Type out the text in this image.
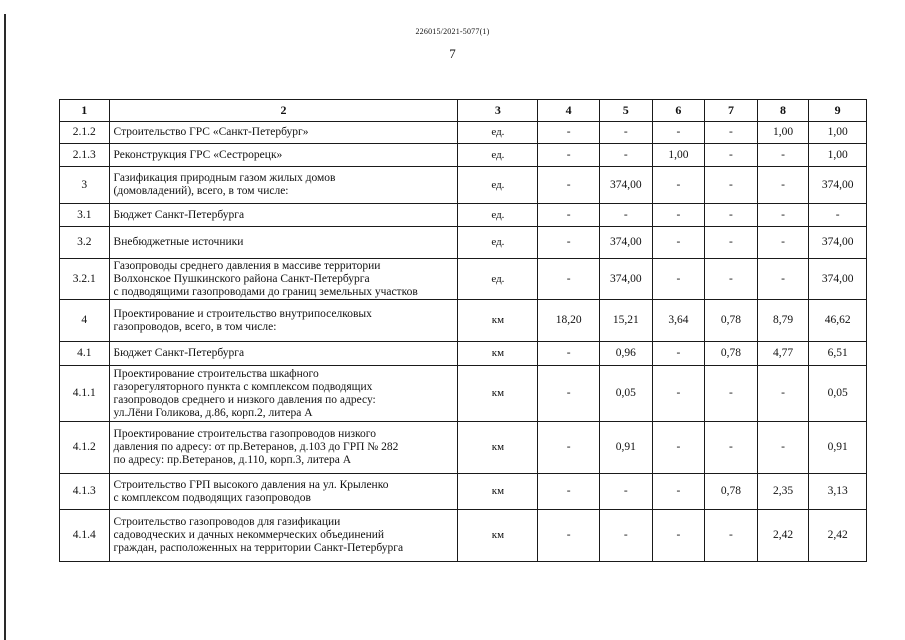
226015/2021-5077(1)
7
1	2	3	4	5	6	7	8	9
2.1.2	Строительство ГРС «Санкт-Петербург»	ед.	-	-	-	-	1,00	1,00
2.1.3	Реконструкция ГРС «Сестрорецк»	ед.	-	-	1,00	-	-	1,00
3	Газификация природным газом жилых домов
(домовладений), всего, в том числе:	ед.	-	374,00	-	-	-	374,00
3.1	Бюджет Санкт-Петербурга	ед.	-	-	-	-	-	-
3.2	Внебюджетные источники	ед.	-	374,00	-	-	-	374,00
3.2.1	Газопроводы среднего давления в массиве территории
Волхонское Пушкинского района Санкт-Петербурга
с подводящими газопроводами до границ земельных участков	ед.	-	374,00	-	-	-	374,00
4	Проектирование и строительство внутрипоселковых
газопроводов, всего, в том числе:	км	18,20	15,21	3,64	0,78	8,79	46,62
4.1	Бюджет Санкт-Петербурга	км	-	0,96	-	0,78	4,77	6,51
4.1.1	Проектирование строительства шкафного
газорегуляторного пункта с комплексом подводящих
газопроводов среднего и низкого давления по адресу:
ул.Лёни Голикова, д.86, корп.2, литера А	км	-	0,05	-	-	-	0,05
4.1.2	Проектирование строительства газопроводов низкого
давления по адресу: от пр.Ветеранов, д.103 до ГРП № 282
по адресу: пр.Ветеранов, д.110, корп.3, литера А	км	-	0,91	-	-	-	0,91
4.1.3	Строительство ГРП высокого давления на ул. Крыленко
с комплексом подводящих газопроводов	км	-	-	-	0,78	2,35	3,13
4.1.4	Строительство газопроводов для газификации
садоводческих и дачных некоммерческих объединений
граждан, расположенных на территории Санкт-Петербурга	км	-	-	-	-	2,42	2,42
